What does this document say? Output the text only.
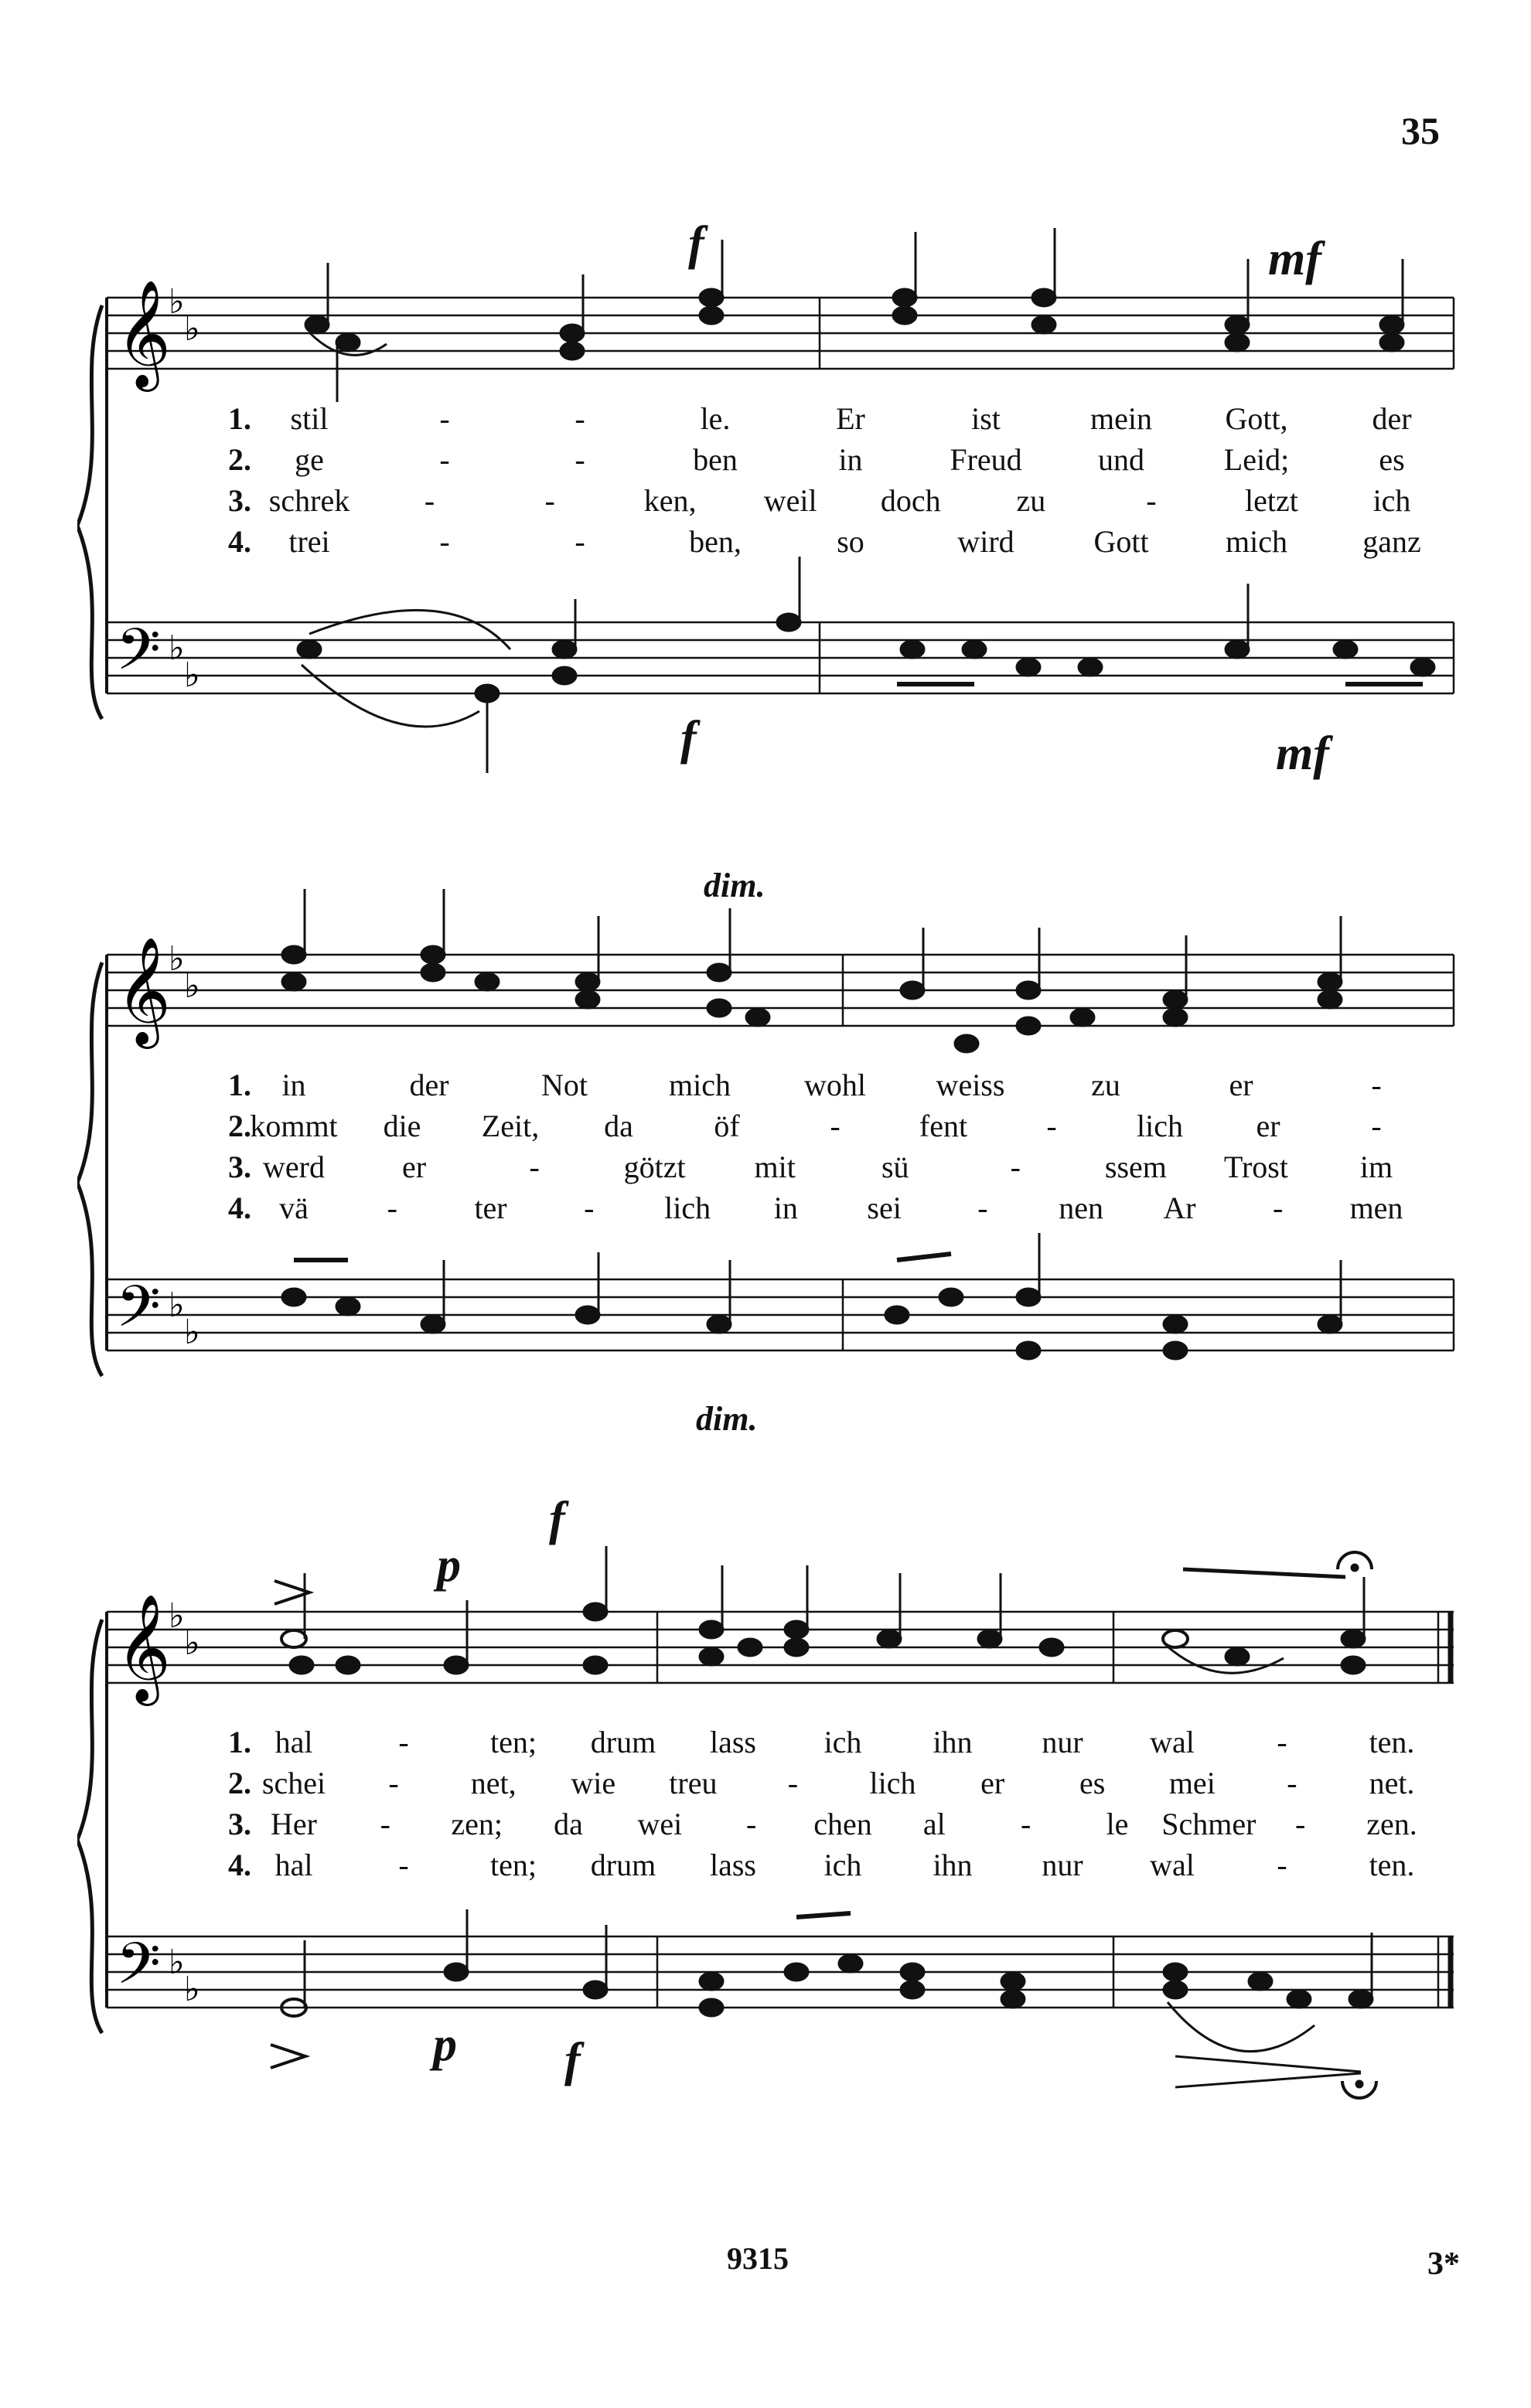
35
𝄞
𝄢
♭
♭
♭
♭
f	mf
f	mf
1. stil	-	-	le.	Er	ist	mein Gott,	der
2. ge	-	-	ben	in	Freud und	Leid;	es
3. schrek -	-	ken, weil doch zu	-	letzt ich
4. trei	-	-	ben,	so	wird	Gott mich ganz
𝄞
𝄢
♭
♭
♭
♭
dim.
dim.
1. in	der	Not	mich wohl weiss	zu	er	-
2.
kommt die Zeit, da	öf	-	fent	-	lich er	-
3. werd	er	-	götzt mit	sü	-	ssem Trost im
4. vä	- ter - lich in sei - nen Ar - men
𝄞
𝄢
♭
♭
♭
♭
p
f
p f
1. hal	-	ten; drum lass ich ihn nur wal	-	ten.
2. schei - net, wie treu - lich er es mei - net.
3. Her - zen; da wei - chen al - le Schmer - zen.
4. hal	-	ten; drum lass ich ihn nur wal	-	ten.
9315	3*
